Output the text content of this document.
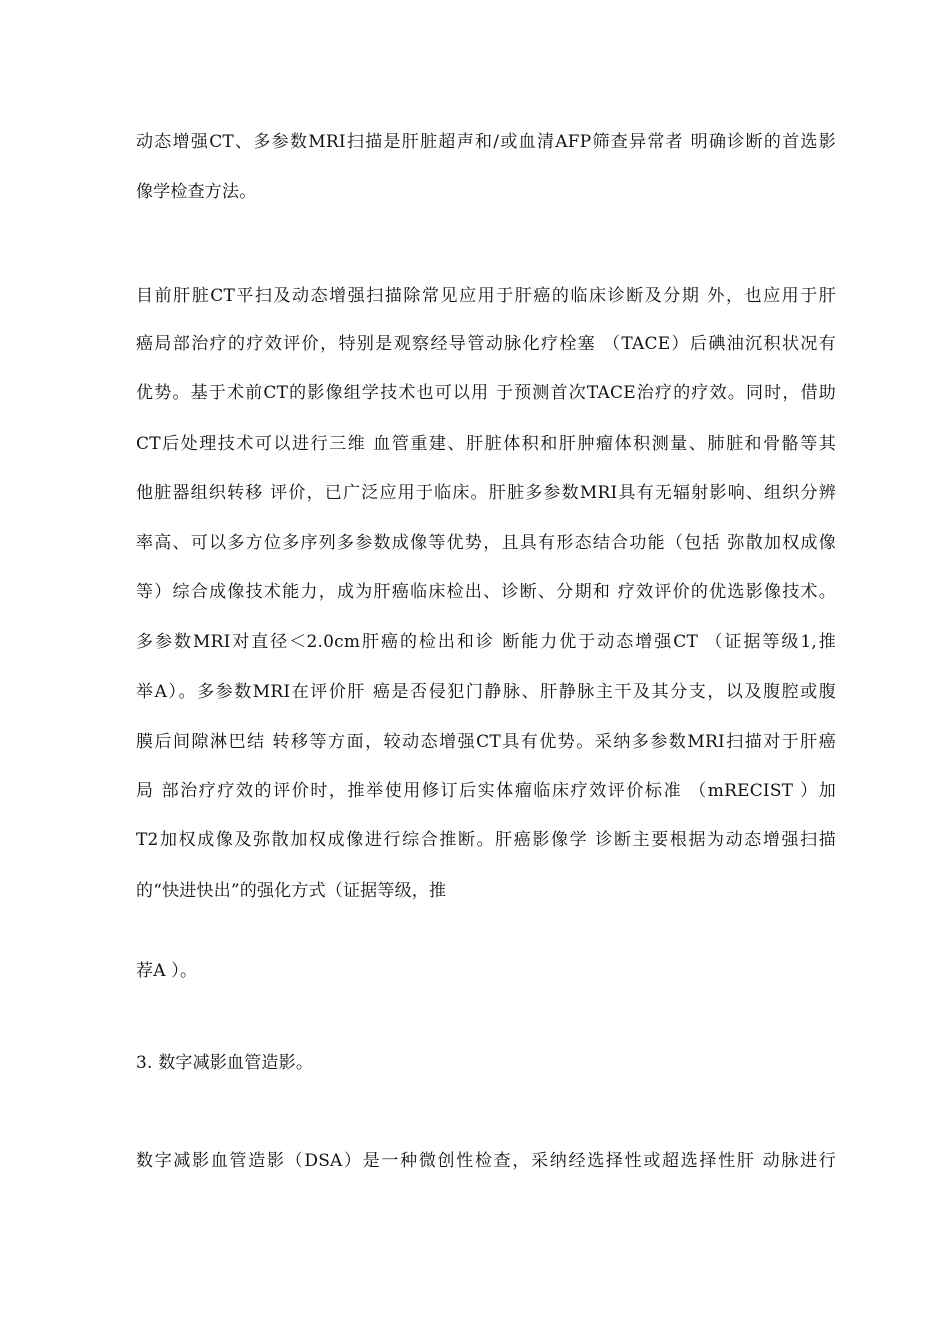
动态增强CT、多参数MRI扫描是肝脏超声和/或血清AFP筛查异常者 明确诊断的首选影
像学检查方法。
目前肝脏CT平扫及动态增强扫描除常见应用于肝癌的临床诊断及分期 外，也应用于肝
癌局部治疗的疗效评价，特别是观察经导管动脉化疗栓塞 （TACE）后碘油沉积状况有
优势。基于术前CT的影像组学技术也可以用 于预测首次TACE治疗的疗效。同时，借助
CT后处理技术可以进行三维 血管重建、肝脏体积和肝肿瘤体积测量、肺脏和骨骼等其
他脏器组织转移 评价，已广泛应用于临床。肝脏多参数MRI具有无辐射影响、组织分辨
率高、可以多方位多序列多参数成像等优势，且具有形态结合功能（包括 弥散加权成像
等）综合成像技术能力，成为肝癌临床检出、诊断、分期和 疗效评价的优选影像技术。
多参数MRI对直径＜2.0cm肝癌的检出和诊 断能力优于动态增强CT （证据等级1,推
举A）。多参数MRI在评价肝 癌是否侵犯门静脉、肝静脉主干及其分支，以及腹腔或腹
膜后间隙淋巴结 转移等方面，较动态增强CT具有优势。采纳多参数MRI扫描对于肝癌
局 部治疗疗效的评价时，推举使用修订后实体瘤临床疗效评价标准 （mRECIST ）加
T2加权成像及弥散加权成像进行综合推断。肝癌影像学 诊断主要根据为动态增强扫描
的“快进快出”的强化方式（证据等级，推
荐A ）。
3. 数字减影血管造影。
数字减影血管造影（DSA）是一种微创性检查，采纳经选择性或超选择性肝 动脉进行
